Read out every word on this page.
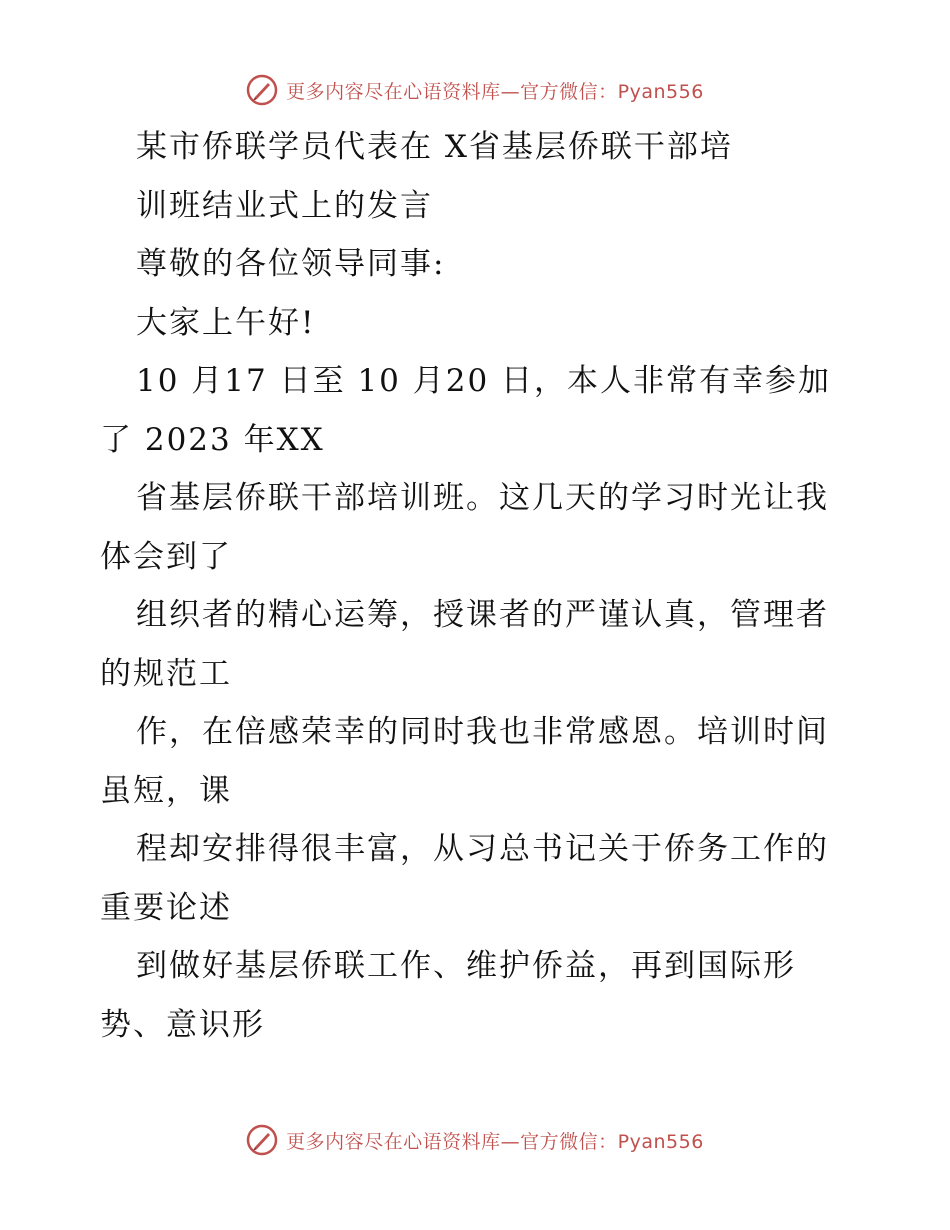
更多内容尽在心语资料库—官方微信：Pyan556
某市侨联学员代表在 X省基层侨联干部培
训班结业式上的发言
尊敬的各位领导同事:
大家上午好!
10 月17 日至 10 月20 日，本人非常有幸参加
了 2023 年XX
省基层侨联干部培训班。这几天的学习时光让我
体会到了
组织者的精心运筹，授课者的严谨认真，管理者
的规范工
作，在倍感荣幸的同时我也非常感恩。培训时间
虽短，课
程却安排得很丰富，从习总书记关于侨务工作的
重要论述
到做好基层侨联工作、维护侨益，再到国际形
势、意识形
更多内容尽在心语资料库—官方微信：Pyan556
